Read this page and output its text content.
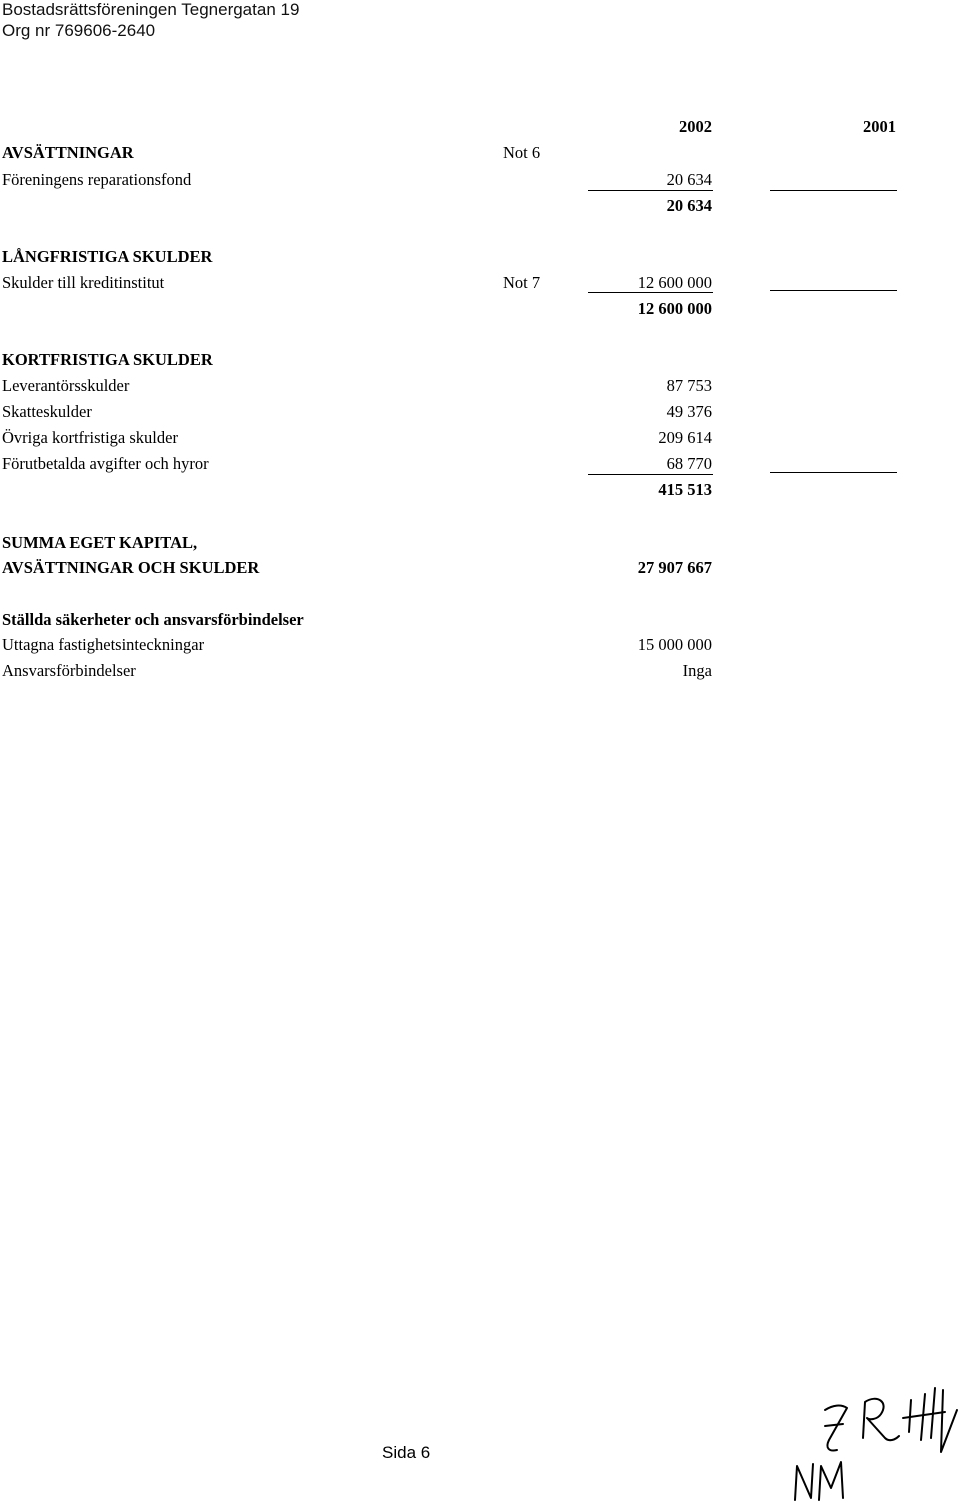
Bostadsrättsföreningen Tegnergatan 19
Org nr 769606-2640
2002	2001
AVSÄTTNINGAR	Not 6
Föreningens reparationsfond	20 634
20 634
LÅNGFRISTIGA SKULDER
Skulder till kreditinstitut	Not 7	12 600 000
12 600 000
KORTFRISTIGA SKULDER
Leverantörsskulder	87 753
Skatteskulder	49 376
Övriga kortfristiga skulder	209 614
Förutbetalda avgifter och hyror	68 770
415 513
SUMMA EGET KAPITAL,
AVSÄTTNINGAR OCH SKULDER	27 907 667
Ställda säkerheter och ansvarsförbindelser
Uttagna fastighetsinteckningar	15 000 000
Ansvarsförbindelser	Inga
Sida 6
